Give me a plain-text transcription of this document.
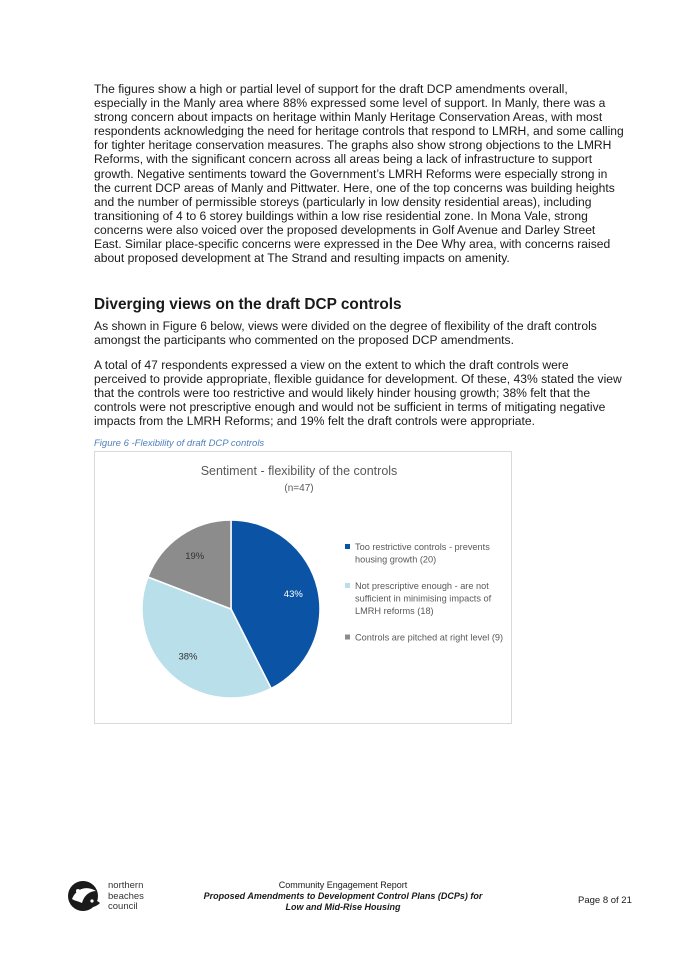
The figures show a high or partial level of support for the draft DCP amendments overall, especially in the Manly area where 88% expressed some level of support. In Manly, there was a strong concern about impacts on heritage within Manly Heritage Conservation Areas, with most respondents acknowledging the need for heritage controls that respond to LMRH, and some calling for tighter heritage conservation measures. The graphs also show strong objections to the LMRH Reforms, with the significant concern across all areas being a lack of infrastructure to support growth. Negative sentiments toward the Government’s LMRH Reforms were especially strong in the current DCP areas of Manly and Pittwater. Here, one of the top concerns was building heights and the number of permissible storeys (particularly in low density residential areas), including transitioning of 4 to 6 storey buildings within a low rise residential zone. In Mona Vale, strong concerns were also voiced over the proposed developments in Golf Avenue and Darley Street East. Similar place-specific concerns were expressed in the Dee Why area, with concerns raised about proposed development at The Strand and resulting impacts on amenity.

Diverging views on the draft DCP controls

As shown in Figure 6 below, views were divided on the degree of flexibility of the draft controls amongst the participants who commented on the proposed DCP amendments.

A total of 47 respondents expressed a view on the extent to which the draft controls were perceived to provide appropriate, flexible guidance for development. Of these, 43% stated the view that the controls were too restrictive and would likely hinder housing growth; 38% felt that the controls were not prescriptive enough and would not be sufficient in terms of mitigating negative impacts from the LMRH Reforms; and 19% felt the draft controls were appropriate.

Figure 6 -Flexibility of draft DCP controls

Sentiment - flexibility of the controls
(n=47)
43%
38%
19%
Too restrictive controls - prevents
housing growth (20)
Not prescriptive enough - are not
sufficient in minimising impacts of
LMRH reforms (18)
Controls are pitched at right level (9)
northern
beaches
council
Community Engagement Report
Proposed Amendments to Development Control Plans (DCPs) for
Low and Mid-Rise Housing
Page 8 of 21
